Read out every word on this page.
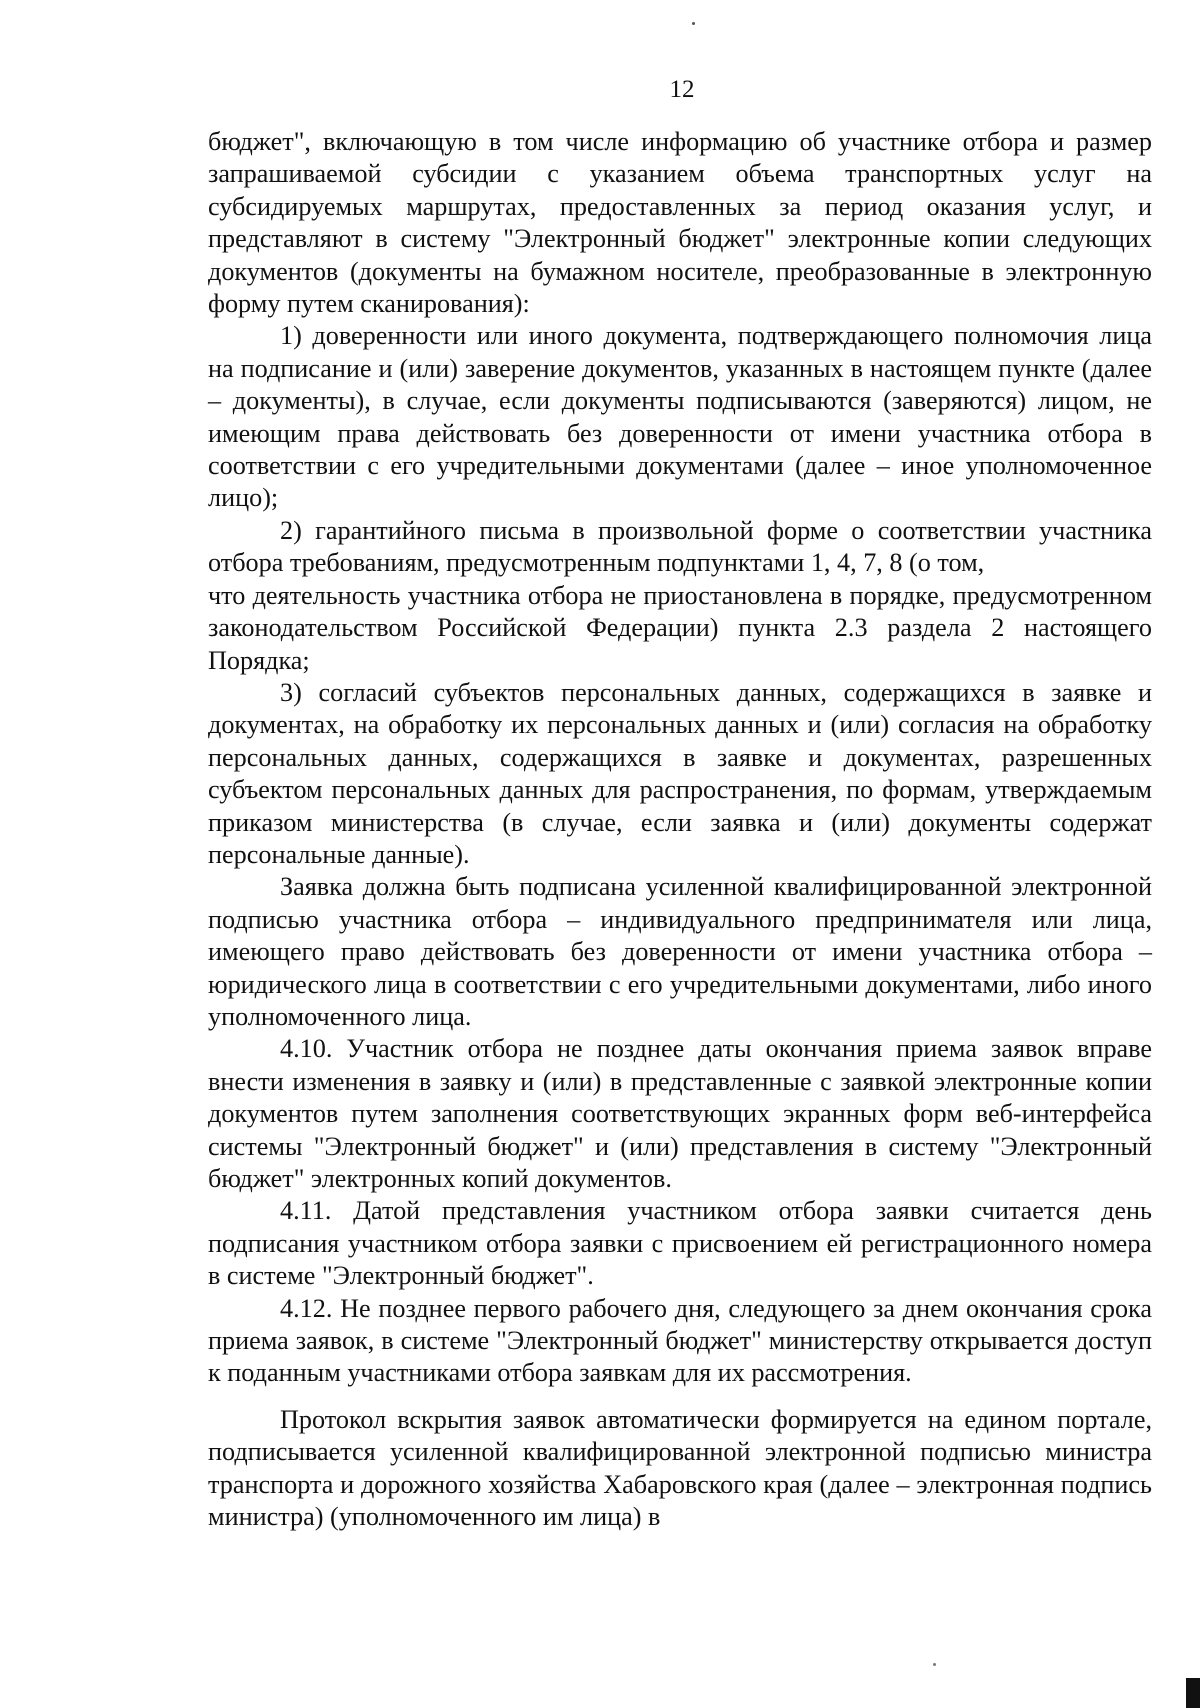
12

бюджет", включающую в том числе информацию об участнике отбора и размер запрашиваемой субсидии с указанием объема транспортных услуг на субсидируемых маршрутах, предоставленных за период оказания услуг, и представляют в систему "Электронный бюджет" электронные копии следующих документов (документы на бумажном носителе, преобразованные в электронную форму путем сканирования):

1) доверенности или иного документа, подтверждающего полномочия лица на подписание и (или) заверение документов, указанных в настоящем пункте (далее – документы), в случае, если документы подписываются (заверяются) лицом, не имеющим права действовать без доверенности от имени участника отбора в соответствии с его учредительными документами (далее – иное уполномоченное лицо);

2) гарантийного письма в произвольной форме о соответствии участника отбора требованиям, предусмотренным подпунктами 1, 4, 7, 8 (о том,

что деятельность участника отбора не приостановлена в порядке, предусмотренном законодательством Российской Федерации) пункта 2.3 раздела 2 настоящего Порядка;

3) согласий субъектов персональных данных, содержащихся в заявке и документах, на обработку их персональных данных и (или) согласия на обработку персональных данных, содержащихся в заявке и документах, разрешенных субъектом персональных данных для распространения, по формам, утверждаемым приказом министерства (в случае, если заявка и (или) документы содержат персональные данные).

Заявка должна быть подписана усиленной квалифицированной электронной подписью участника отбора – индивидуального предпринимателя или лица, имеющего право действовать без доверенности от имени участника отбора – юридического лица в соответствии с его учредительными документами, либо иного уполномоченного лица.

4.10. Участник отбора не позднее даты окончания приема заявок вправе внести изменения в заявку и (или) в представленные с заявкой электронные копии документов путем заполнения соответствующих экранных форм веб-интерфейса системы "Электронный бюджет" и (или) представления в систему "Электронный бюджет" электронных копий документов.

4.11. Датой представления участником отбора заявки считается день подписания участником отбора заявки с присвоением ей регистрационного номера в системе "Электронный бюджет".

4.12. Не позднее первого рабочего дня, следующего за днем окончания срока приема заявок, в системе "Электронный бюджет" министерству открывается доступ к поданным участниками отбора заявкам для их рассмотрения.

Протокол вскрытия заявок автоматически формируется на едином портале, подписывается усиленной квалифицированной электронной подписью министра транспорта и дорожного хозяйства Хабаровского края (далее – электронная подпись министра) (уполномоченного им лица) в
